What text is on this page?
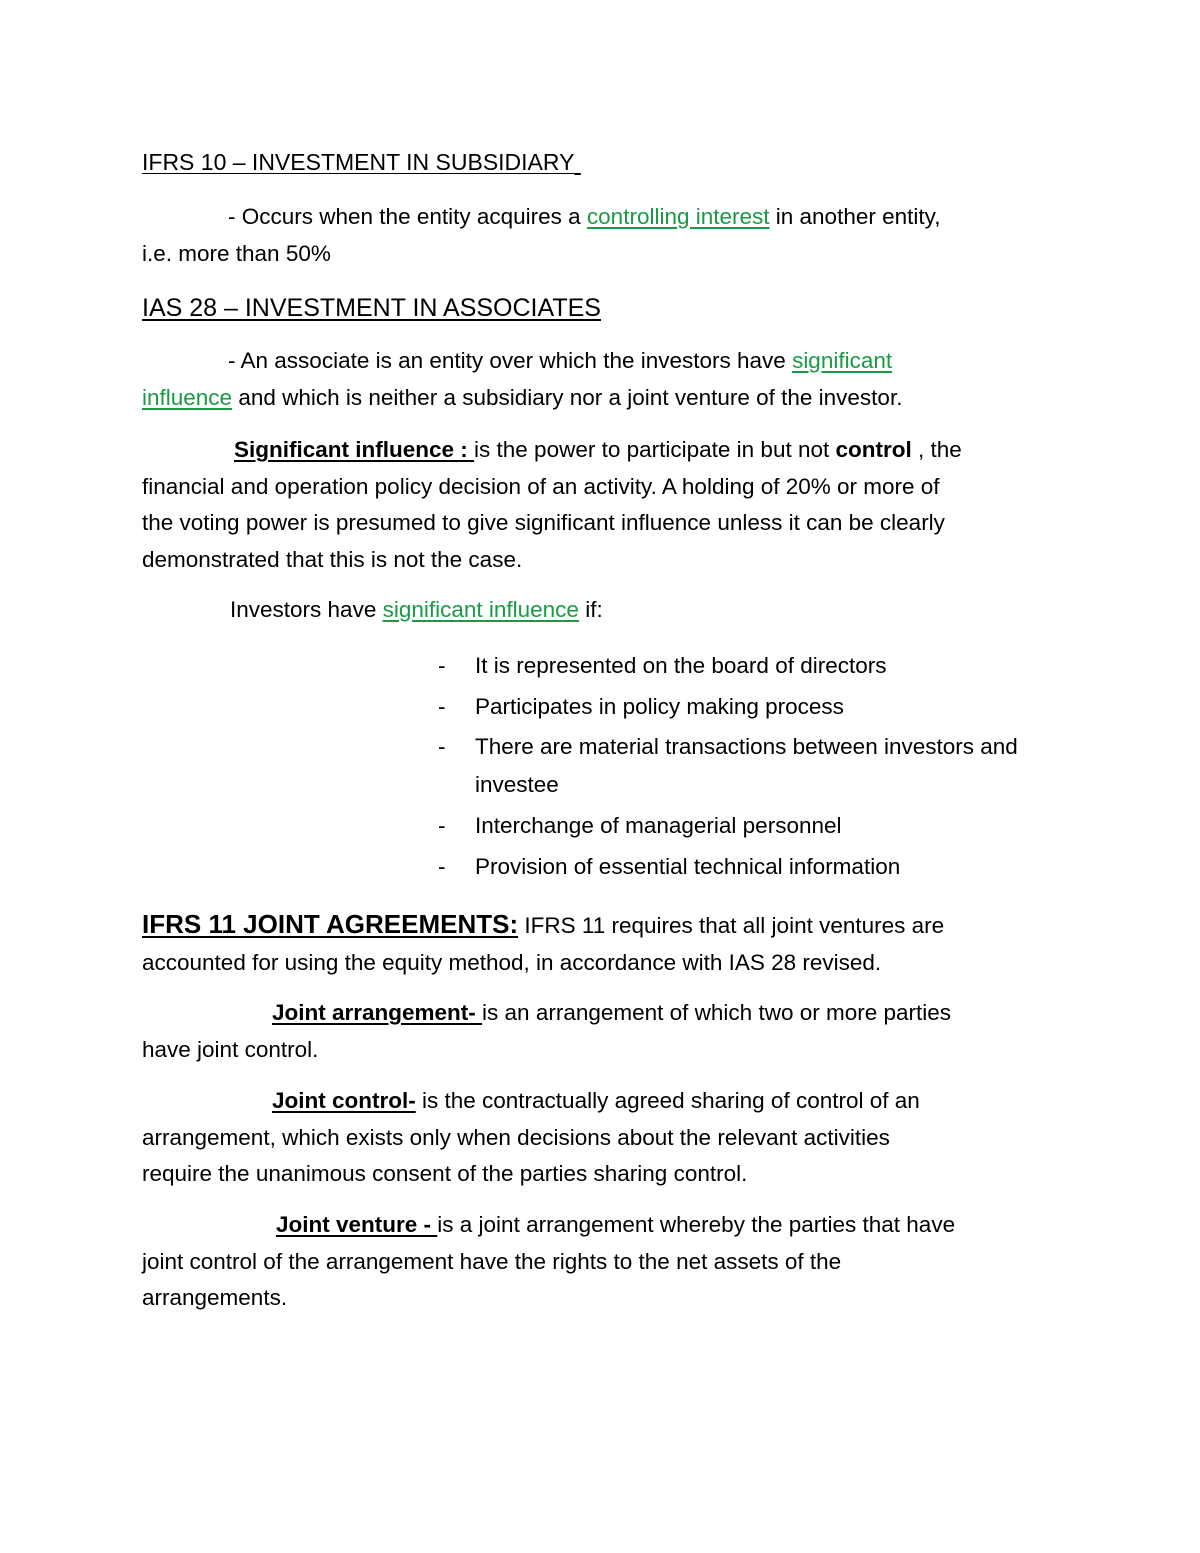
IFRS 10 – INVESTMENT IN SUBSIDIARY

- Occurs when the entity acquires a controlling interest in another entity,
i.e. more than 50%

IAS 28 – INVESTMENT IN ASSOCIATES

- An associate is an entity over which the investors have significant
influence and which is neither a subsidiary nor a joint venture of the investor.

Significant influence : is the power to participate in but not control , the
financial and operation policy decision of an activity. A holding of 20% or more of
the voting power is presumed to give significant influence unless it can be clearly
demonstrated that this is not the case.

Investors have significant influence if:

- It is represented on the board of directors

- Participates in policy making process

- There are material transactions between investors and investee

- Interchange of managerial personnel

- Provision of essential technical information

IFRS 11 JOINT AGREEMENTS: IFRS 11 requires that all joint ventures are
accounted for using the equity method, in accordance with IAS 28 revised.

Joint arrangement- is an arrangement of which two or more parties
have joint control.

Joint control- is the contractually agreed sharing of control of an
arrangement, which exists only when decisions about the relevant activities
require the unanimous consent of the parties sharing control.

Joint venture - is a joint arrangement whereby the parties that have
joint control of the arrangement have the rights to the net assets of the
arrangements.
